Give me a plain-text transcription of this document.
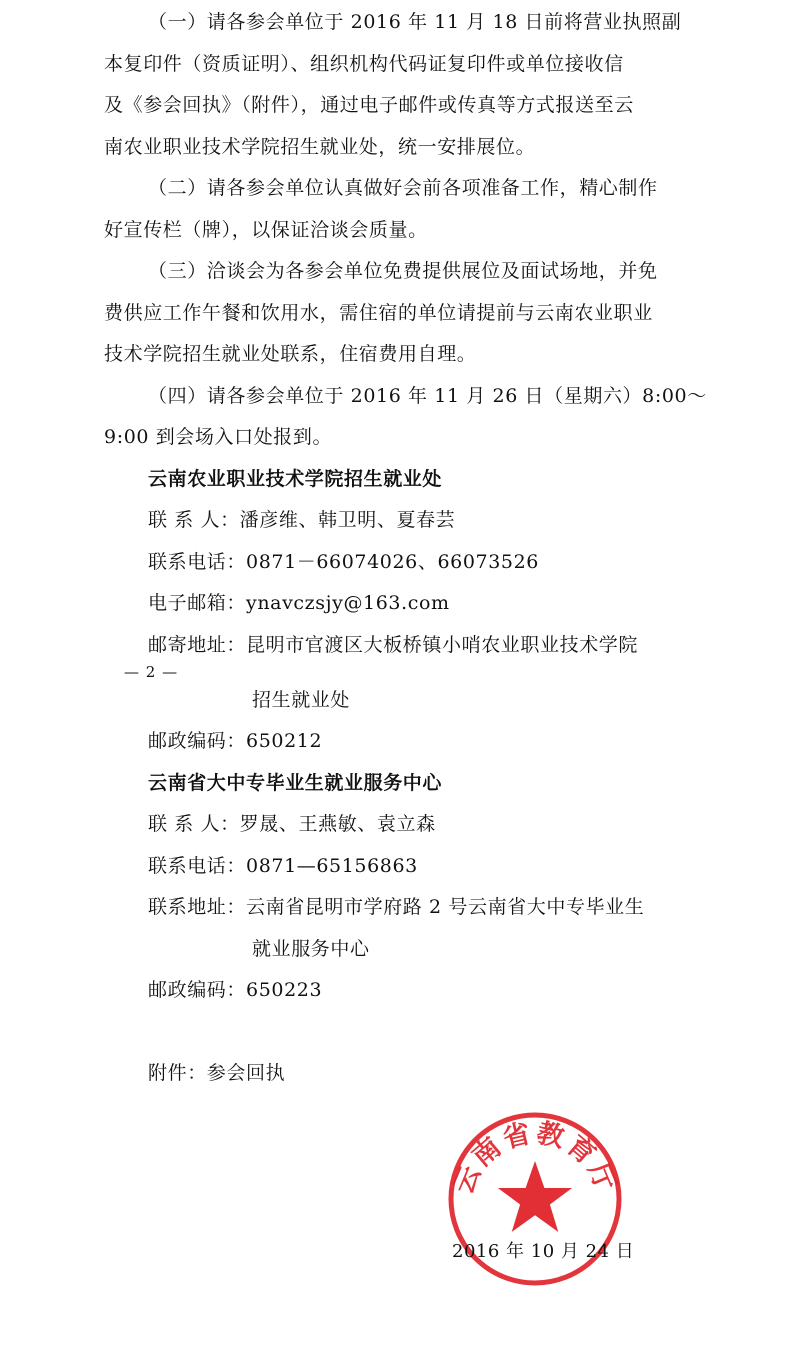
（一）请各参会单位于 2016 年 11 月 18 日前将营业执照副
本复印件（资质证明）、组织机构代码证复印件或单位接收信
及《参会回执》（附件），通过电子邮件或传真等方式报送至云
南农业职业技术学院招生就业处，统一安排展位。
（二）请各参会单位认真做好会前各项准备工作，精心制作
好宣传栏（牌），以保证洽谈会质量。
（三）洽谈会为各参会单位免费提供展位及面试场地，并免
费供应工作午餐和饮用水，需住宿的单位请提前与云南农业职业
技术学院招生就业处联系，住宿费用自理。
（四）请各参会单位于 2016 年 11 月 26 日（星期六）8:00～
9:00 到会场入口处报到。
云南农业职业技术学院招生就业处
联 系 人：潘彦维、韩卫明、夏春芸
联系电话：0871－66074026、66073526
电子邮箱：ynavczsjy@163.com
邮寄地址：昆明市官渡区大板桥镇小哨农业职业技术学院
— 2 —
招生就业处
邮政编码：650212
云南省大中专毕业生就业服务中心
联 系 人：罗晟、王燕敏、袁立森
联系电话：0871—65156863
联系地址：云南省昆明市学府路 2 号云南省大中专毕业生
就业服务中心
邮政编码：650223
附件：参会回执
云南省教育厅
2016 年 10 月 24 日
